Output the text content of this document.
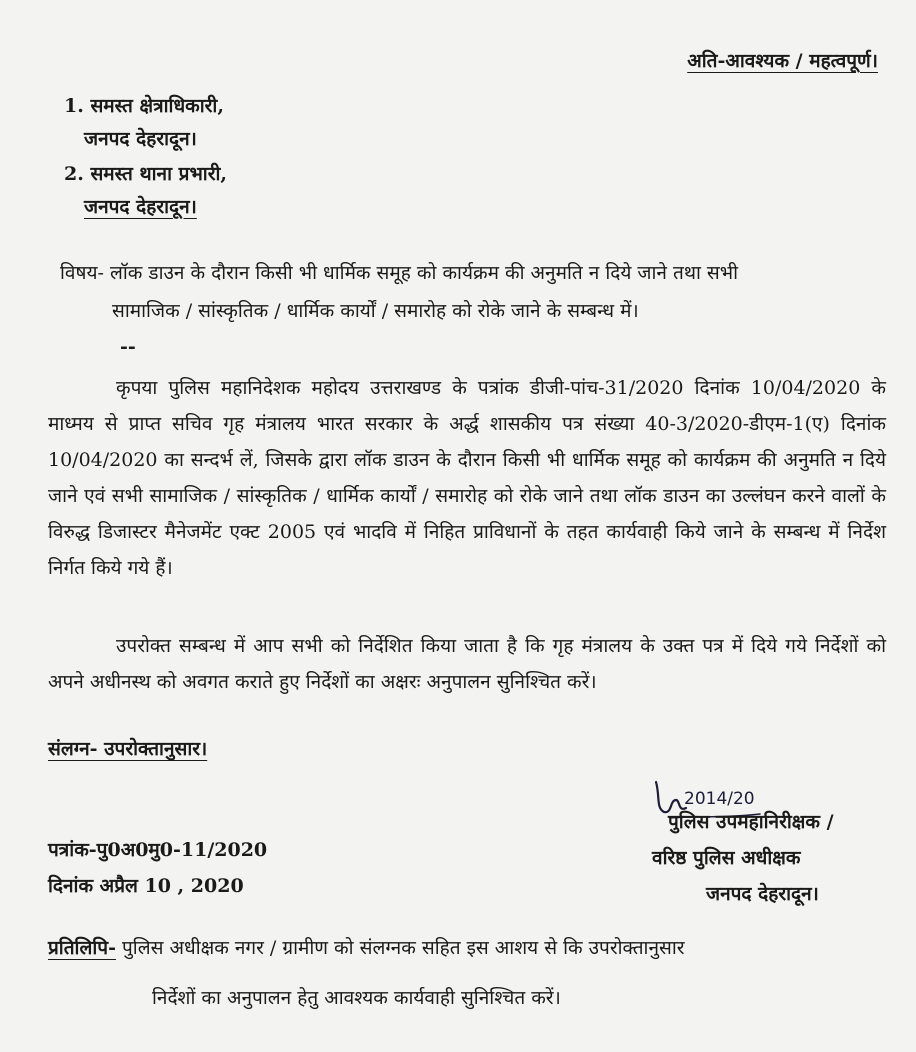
अति-आवश्यक / महत्वपूर्ण।
1. समस्त क्षेत्राधिकारी,
जनपद देहरादून।
2. समस्त थाना प्रभारी,
जनपद देहरादून।
विषय- लॉक डाउन के दौरान किसी भी धार्मिक समूह को कार्यक्रम की अनुमति न दिये जाने तथा सभी
सामाजिक / सांस्कृतिक / धार्मिक कार्यों / समारोह को रोके जाने के सम्बन्ध में।
--
कृपया पुलिस महानिदेशक महोदय उत्तराखण्ड के पत्रांक डीजी-पांच-31/2020 दिनांक 10/04/2020 के माध्मय से प्राप्त सचिव गृह मंत्रालय भारत सरकार के अर्द्ध शासकीय पत्र संख्या 40-3/2020-डीएम-1(ए) दिनांक 10/04/2020 का सन्दर्भ लें, जिसके द्वारा लॉक डाउन के दौरान किसी भी धार्मिक समूह को कार्यक्रम की अनुमति न दिये जाने एवं सभी सामाजिक / सांस्कृतिक / धार्मिक कार्यों / समारोह को रोके जाने तथा लॉक डाउन का उल्लंघन करने वालों के विरुद्ध डिजास्टर मैनेजमेंट एक्ट 2005 एवं भादवि में निहित प्राविधानों के तहत कार्यवाही किये जाने के सम्बन्ध में निर्देश निर्गत किये गये हैं।
उपरोक्त सम्बन्ध में आप सभी को निर्देशित किया जाता है कि गृह मंत्रालय के उक्त पत्र में दिये गये निर्देशों को अपने अधीनस्थ को अवगत कराते हुए निर्देशों का अक्षरः अनुपालन सुनिश्चित करें।
संलग्न- उपरोक्तानुसार।
2014/20
पुलिस उपमहानिरीक्षक /
वरिष्ठ पुलिस अधीक्षक
जनपद देहरादून।
पत्रांक-पु0अ0मु0-11/2020
दिनांक अप्रैल 10 , 2020
प्रतिलिपि- पुलिस अधीक्षक नगर / ग्रामीण को संलग्नक सहित इस आशय से कि उपरोक्तानुसार
निर्देशों का अनुपालन हेतु आवश्यक कार्यवाही सुनिश्चित करें।
